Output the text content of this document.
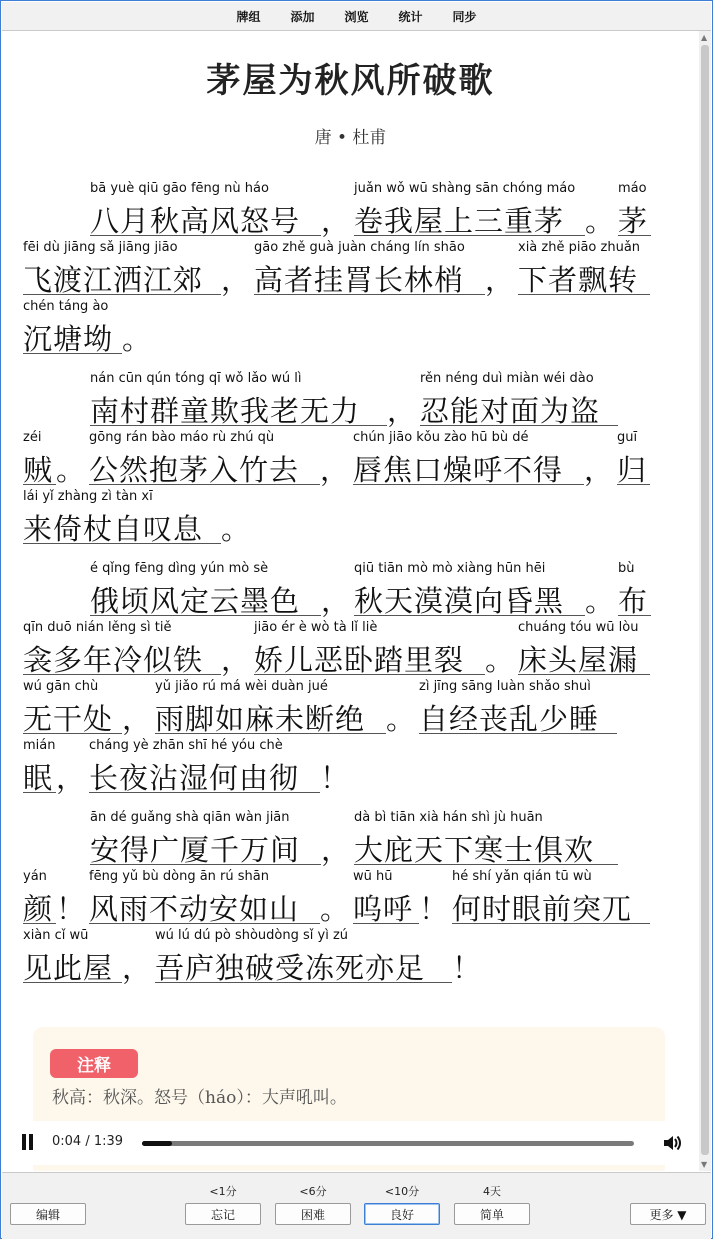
牌组	添加	浏览	统计	同步
茅屋为秋风所破歌
唐 • 杜甫
bā yuè qiū gāo fēng nù háo
八月秋高风怒号 ，
juǎn wǒ wū shàng sān chóng máo
卷我屋上三重茅 。
máo
茅
fēi dù jiāng sǎ jiāng jiāo
飞渡江洒江郊 ，
gāo zhě guà juàn cháng lín shāo
高者挂罥长林梢 ，
xià zhě piāo zhuǎn
下者飘转
chén táng ào
沉塘坳 。
nán cūn qún tóng qī wǒ lǎo wú lì
南村群童欺我老无力 ，
rěn néng duì miàn wéi dào
忍能对面为盗
zéi
贼 。
gōng rán bào máo rù zhú qù
公然抱茅入竹去 ，
chún jiāo kǒu zào hū bù dé
唇焦口燥呼不得 ，
guī
归
lái yǐ zhàng zì tàn xī
来倚杖自叹息 。
é qǐng fēng dìng yún mò sè
俄顷风定云墨色 ，
qiū tiān mò mò xiàng hūn hēi
秋天漠漠向昏黑 。
bù
布
qīn duō nián lěng sì tiě
衾多年冷似铁 ，
jiāo ér è wò tà lǐ liè
娇儿恶卧踏里裂 。
chuáng tóu wū lòu
床头屋漏
wú gān chù
无干处 ，
yǔ jiǎo rú má wèi duàn jué
雨脚如麻未断绝 。
zì jīng sāng luàn shǎo shuì
自经丧乱少睡
mián
眠 ，
cháng yè zhān shī hé yóu chè
长夜沾湿何由彻 ！
ān dé guǎng shà qiān wàn jiān
安得广厦千万间 ，
dà bì tiān xià hán shì jù huān
大庇天下寒士俱欢
yán
颜 ！
fēng yǔ bù dòng ān rú shān
风雨不动安如山 。
wū hū
呜呼 ！
hé shí yǎn qián tū wù
何时眼前突兀
xiàn cǐ wū
见此屋 ，
wú lú dú pò shòudòng sǐ yì zú
吾庐独破受冻死亦足 ！
注释
秋高：秋深。怒号（háo）：大声吼叫。
0:04 / 1:39
▲
▼
编辑
<1分
忘记
<6分
困难
<10分
良好
4天
简单	更多 ▼
